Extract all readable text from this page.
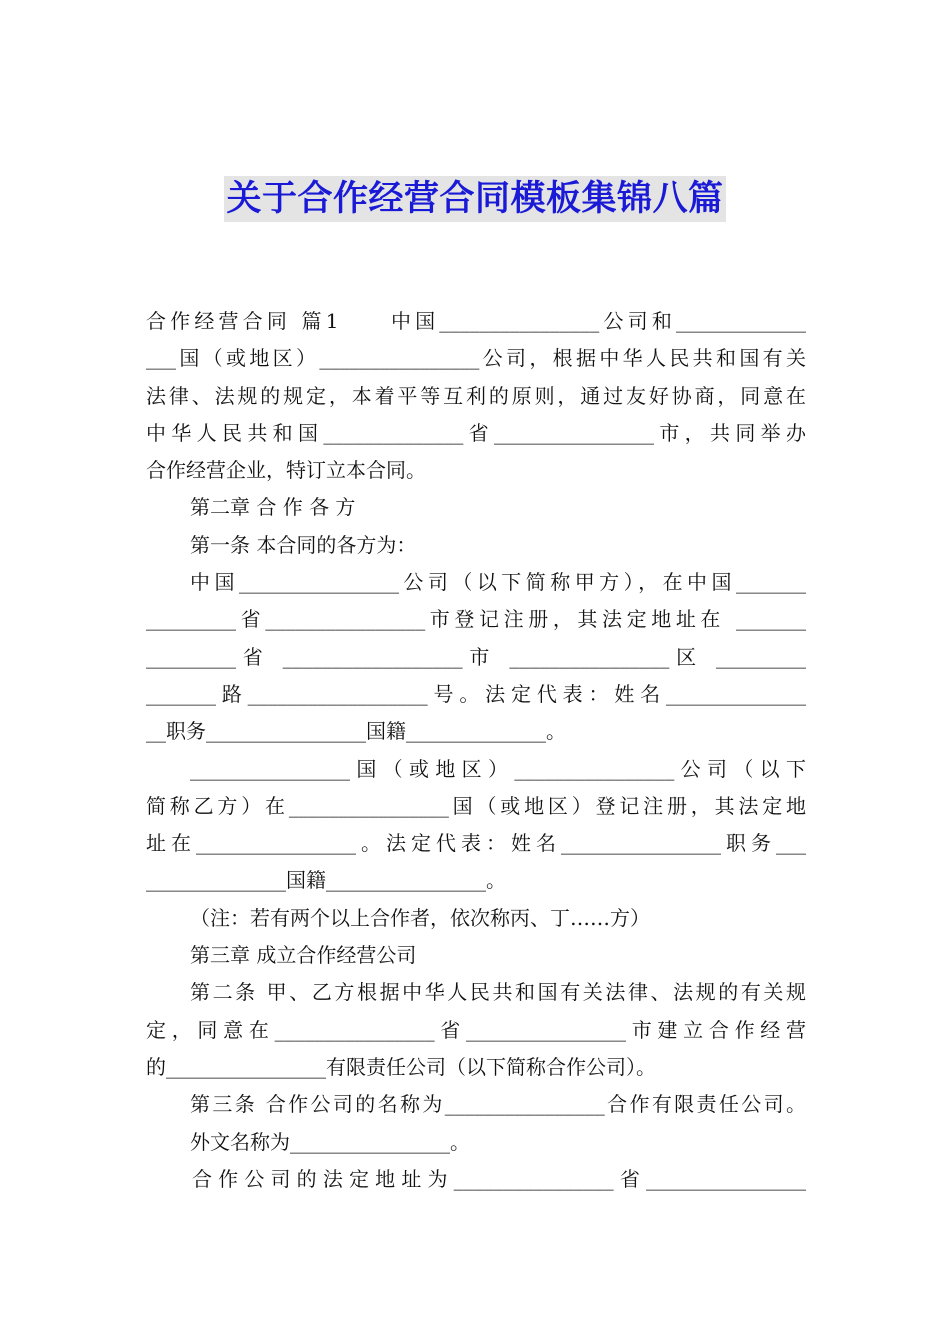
关于合作经营合同模板集锦八篇
合作经营合同 篇1　　中国________________公司和_____________
___国（或地区）________________公司，根据中华人民共和国有关
法律、法规的规定，本着平等互利的原则，通过友好协商，同意在
中华人民共和国______________省________________市，共同举办
合作经营企业，特订立本合同。
第二章 合 作 各 方
第一条 本合同的各方为：
中国________________公司（以下简称甲方），在中国_______
_________省________________市登记注册，其法定地址在 _______
_________省 __________________市 ________________区 _________
_______路__________________号。法定代表：姓名______________
__职务________________国籍______________。
________________国（或地区）________________公司（以下
简称乙方）在________________国（或地区）登记注册，其法定地
址在________________。法定代表：姓名________________职务___
______________国籍________________。
（注：若有两个以上合作者，依次称丙、丁……方）
第三章 成立合作经营公司
第二条 甲、乙方根据中华人民共和国有关法律、法规的有关规
定，同意在________________省________________市建立合作经营
的________________有限责任公司（以下简称合作公司）。
第三条 合作公司的名称为________________合作有限责任公司。
外文名称为________________。
合作公司的法定地址为________________省________________
